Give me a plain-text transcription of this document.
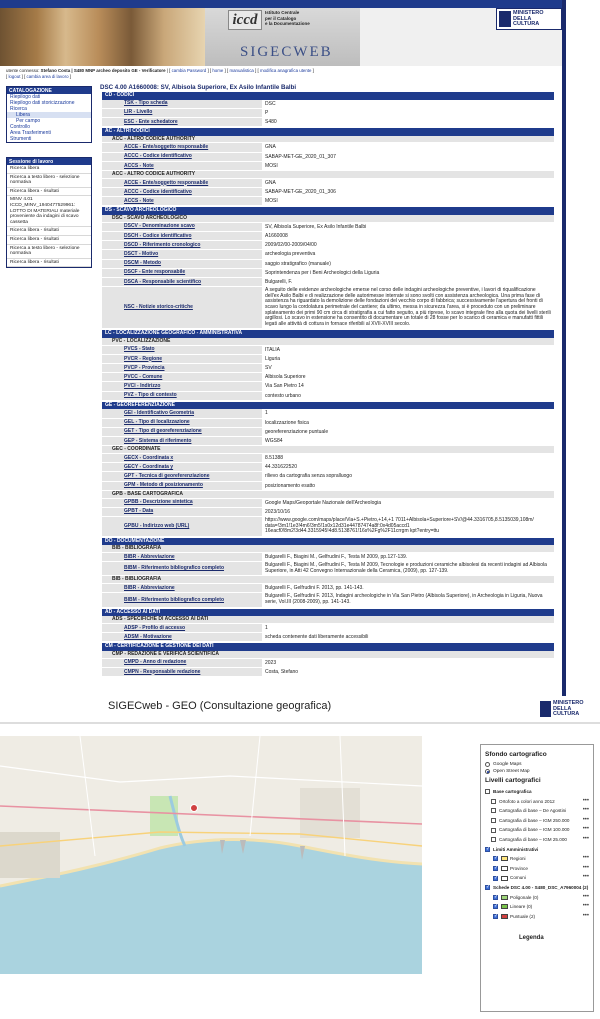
iccd	Istituto Centrale
per il Catalogo
e la Documentazione
SIGECWEB
MINISTERO
DELLA
CULTURA
utente connesso: Stefano Costa | S480 MNP archeo deposito GE - Verificatore | [ cambia Password ] [ home ] [ manualistica ] [ modifica anagrafica utente ]
[ logout ] [ cambia area di lavoro ]
CATALOGAZIONE
Riepilogo dati
Riepilogo dati storicizzazione
Ricerca
Libera
Per campo
Controllo
Area Trasferimenti
Strumenti
Sessione di lavoro
Ricerca libera
Ricerca a testo libero - selezione normativa
Ricerca libera - risultati
MINV 4.01 ICCD_MINV_1940477529961: LOTTO DI MATERIALI materiale proveniente da indagini di scavo cassetta
Ricerca libera - risultati
Ricerca libera - risultati
Ricerca a testo libero - selezione normativa
Ricerca libera - risultati
DSC 4.00 A1660008: SV, Albisola Superiore, Ex Asilo Infantile Balbi
CD - CODICI
TSK - Tipo scheda	DSC
LIR - Livello	P
ESC - Ente schedatore	S480
AC - ALTRI CODICI
ACC - ALTRO CODICE AUTHORITY
ACCE - Ente/soggetto responsabile	GNA
ACCC - Codice identificativo	SABAP-MET-GE_2020_01_307
ACCS - Note	MOSI
ACC - ALTRO CODICE AUTHORITY
ACCE - Ente/soggetto responsabile	GNA
ACCC - Codice identificativo	SABAP-MET-GE_2020_01_306
ACCS - Note	MOSI
DS - SCAVO ARCHEOLOGICO
DSC - SCAVO ARCHEOLOGICO
DSCV - Denominazione scavo	SV, Albisola Superiore, Ex Asilo Infantile Balbi
DSCH - Codice identificativo	A1660008
DSCD - Riferimento cronologico	2009/02/00-2009/04/00
DSCT - Motivo	archeologia preventiva
DSCM - Metodo	saggio stratigrafico (manuale)
DSCF - Ente responsabile	Soprintendenza per i Beni Archeologici della Liguria
DSCA - Responsabile scientifico	Bulgarelli, F.
NSC - Notizie storico-critiche
A seguito delle evidenze archeologiche emerse nel corso delle indagini archeologiche preventive, i lavori di riqualificazione dell'ex Asilo Balbi e di realizzazione delle autorimesse interrate si sono svolti con assistenza archeologica. Una prima fase di assistenza ha riguardato la demolizione delle fondazioni del vecchio corpo di fabbrica; successivamente l'apertura del fronti di scavo lungo la cordolatura perimetrale del cantiere; da ultimo, messa in sicurezza l'area, si è proceduto con un preliminare splateamento dei primi 90 cm circa di stratigrafia a cui fatto seguito, a più riprese, lo scavo integrale fino alla quota dei livelli sterili argillosi. Lo scavo in estensione ha consentito di documentare un totale di 28 fosse per lo scarico di ceramica e manufatti fittili legati alle attività di cottura in fornace riferibili al XVII-XVIII secolo.
LC - LOCALIZZAZIONE GEOGRAFICO - AMMINISTRATIVA
PVC - LOCALIZZAZIONE
PVCS - Stato	ITALIA
PVCR - Regione	Liguria
PVCP - Provincia	SV
PVCC - Comune	Albisola Superiore
PVCI - Indirizzo	Via San Pietro 14
PVZ - Tipo di contesto	contesto urbano
GE - GEOREFERENZIAZIONE
GEI - Identificativo Geometria	1
GEL - Tipo di localizzazione	localizzazione fisica
GET - Tipo di georeferenziazione	georeferenziazione puntuale
GEP - Sistema di riferimento	WGS84
GEC - COORDINATE
GECX - Coordinata x	8.51388
GECY - Coordinata y	44.331622520
GPT - Tecnica di georeferenziazione	rilievo da cartografia senza sopralluogo
GPM - Metodo di posizionamento	posizionamento esatto
GPB - BASE CARTOGRAFICA
GPBB - Descrizione sintetica	Google Maps/Geoportale Nazionale dell'Archeologia
GPBT - Data	2023/10/16
GPBU - Indirizzo web (URL)
https://www.google.com/maps/place/Via+S.+Pietro,+14,+1 7011+Albisola+Superiore+SV/@44.3316705,8.5135039,108m/ data=!3m1!1e3!4m6!3m5!1s0x12d31e44787474a8f:0x4d05accd1 16eacf0!8m2!3d44.3315945!4d8.5138761!16s%2Fg%2F11crrgm kpt?entry=ttu
DO - DOCUMENTAZIONE
BIB - BIBLIOGRAFIA
BIBR - Abbreviazione	Bulgarelli F., Biagini M., Gelfrudini F., Testa M 2009, pp.127-139.
BIBM - Riferimento bibliografico completo
Bulgarelli F., Biagini M., Gelfrudini F., Testa M 2009, Tecnologie e produzioni ceramiche albisolesi da recenti indagini ad Albisola Superiore, in Atti 42 Convegno Internazionale della Ceramica, (2009), pp. 127-139.
BIB - BIBLIOGRAFIA
BIBR - Abbreviazione	Bulgarelli F., Gelfrudini F. 2013, pp. 141-143.
BIBM - Riferimento bibliografico completo
Bulgarelli F., Gelfrudini F. 2013, Indagini archeologiche in Via San Pietro (Albisola Superiore), in Archeologia in Liguria, Nuova serie, Vol.III (2008-2009), pp. 141-143.
AD - ACCESSO AI DATI
ADS - SPECIFICHE DI ACCESSO AI DATI
ADSP - Profilo di accesso	1
ADSM - Motivazione	scheda contenente dati liberamente accessibili
CM - CERTIFICAZIONE E GESTIONE DEI DATI
CMP - REDAZIONE E VERIFICA SCIENTIFICA
CMPD - Anno di redazione	2023
CMPN - Responsabile redazione	Costa, Stefano
SIGECweb - GEO (Consultazione geografica)	MINISTERO
DELLA
CULTURA
Sfondo cartografico
Google Maps
Open Street Map
Livelli cartografici
Base cartografica
Ortofoto a colori anno 2012	•••
Cartografia di base – De Agostini	•••
Cartografia di base – IGM 250.000 •••
Cartografia di base – IGM 100.000 •••
Cartografia di base – IGM 25.000	•••
✓
Limiti Amministrativi
✓
Regioni	•••
✓
Province	•••
✓
Comuni	•••
✓
Schede DSC 4.00 - S480_DSC_A7960004 (2)
✓
Poligonale (0)	•••
✓
Lineare (0)	•••
✓
Puntuale (2)	•••
Legenda
